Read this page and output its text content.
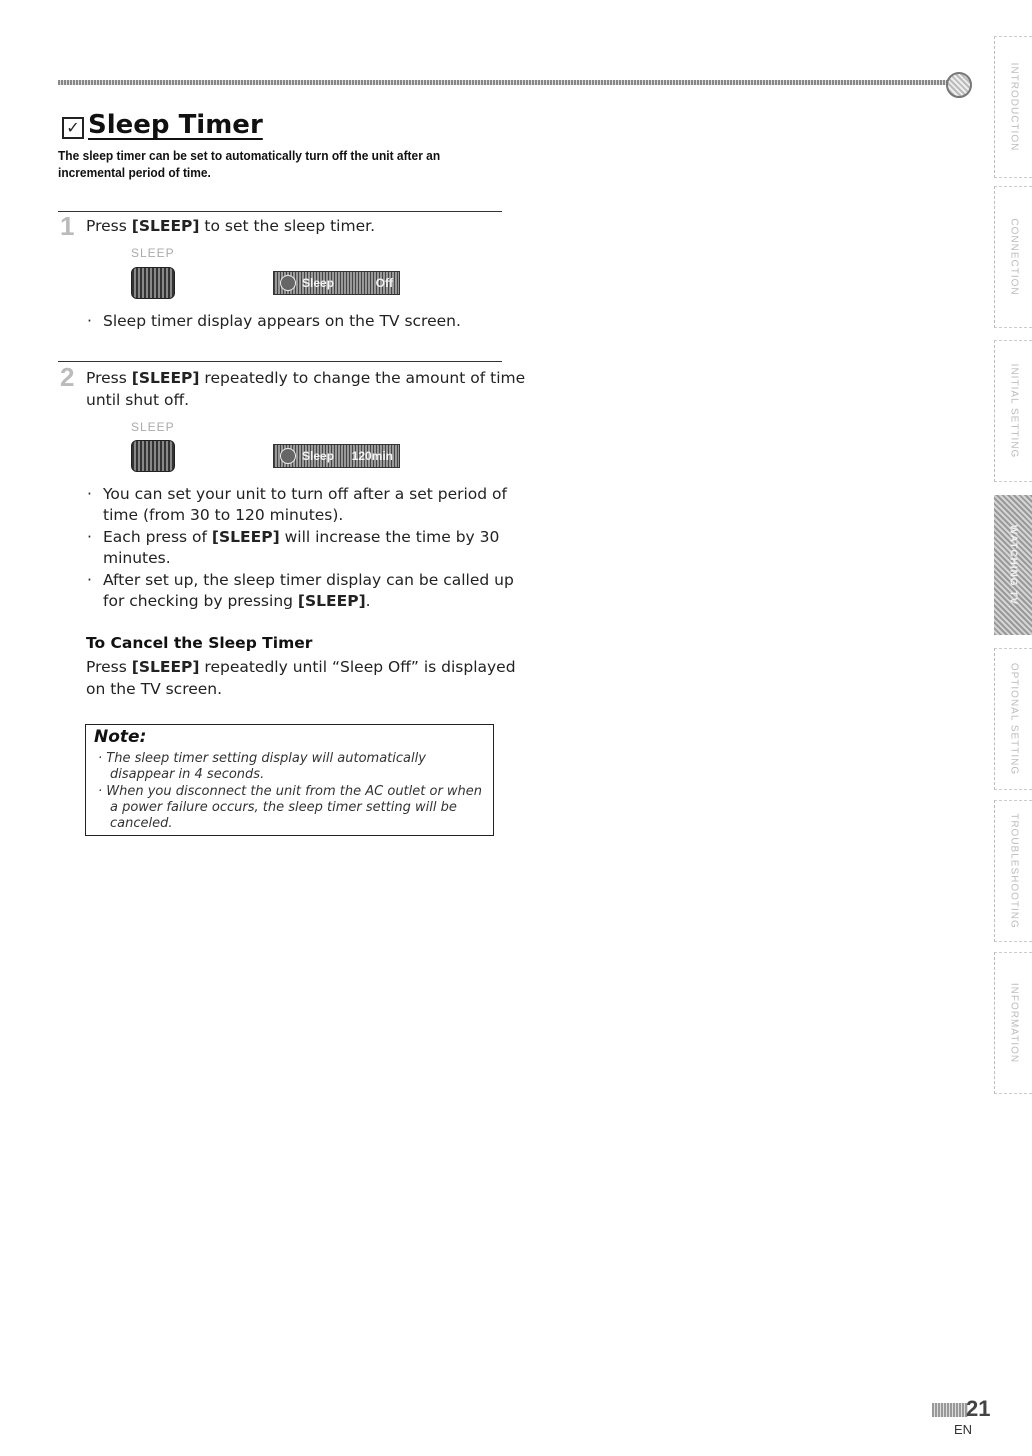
✓ Sleep Timer
The sleep timer can be set to automatically turn off the unit after an incremental period of time.
1 Press [SLEEP] to set the sleep timer.
SLEEP
Sleep	Off
· Sleep timer display appears on the TV screen.
2 Press [SLEEP] repeatedly to change the amount of time
until shut off.
SLEEP
Sleep 120min
· You can set your unit to turn off after a set period of
time (from 30 to 120 minutes).
· Each press of [SLEEP] will increase the time by 30
minutes.
· After set up, the sleep timer display can be called up
for checking by pressing [SLEEP].
To Cancel the Sleep Timer
Press [SLEEP] repeatedly until “Sleep Off” is displayed
on the TV screen.
Note:
· The sleep timer setting display will automatically
disappear in 4 seconds.
· When you disconnect the unit from the AC outlet or when
a power failure occurs, the sleep timer setting will be
canceled.
INTRODUCTION
CONNECTION
INITIAL SETTING
WATCHING TV
OPTIONAL SETTING
TROUBLESHOOTING
INFORMATION
21
EN
